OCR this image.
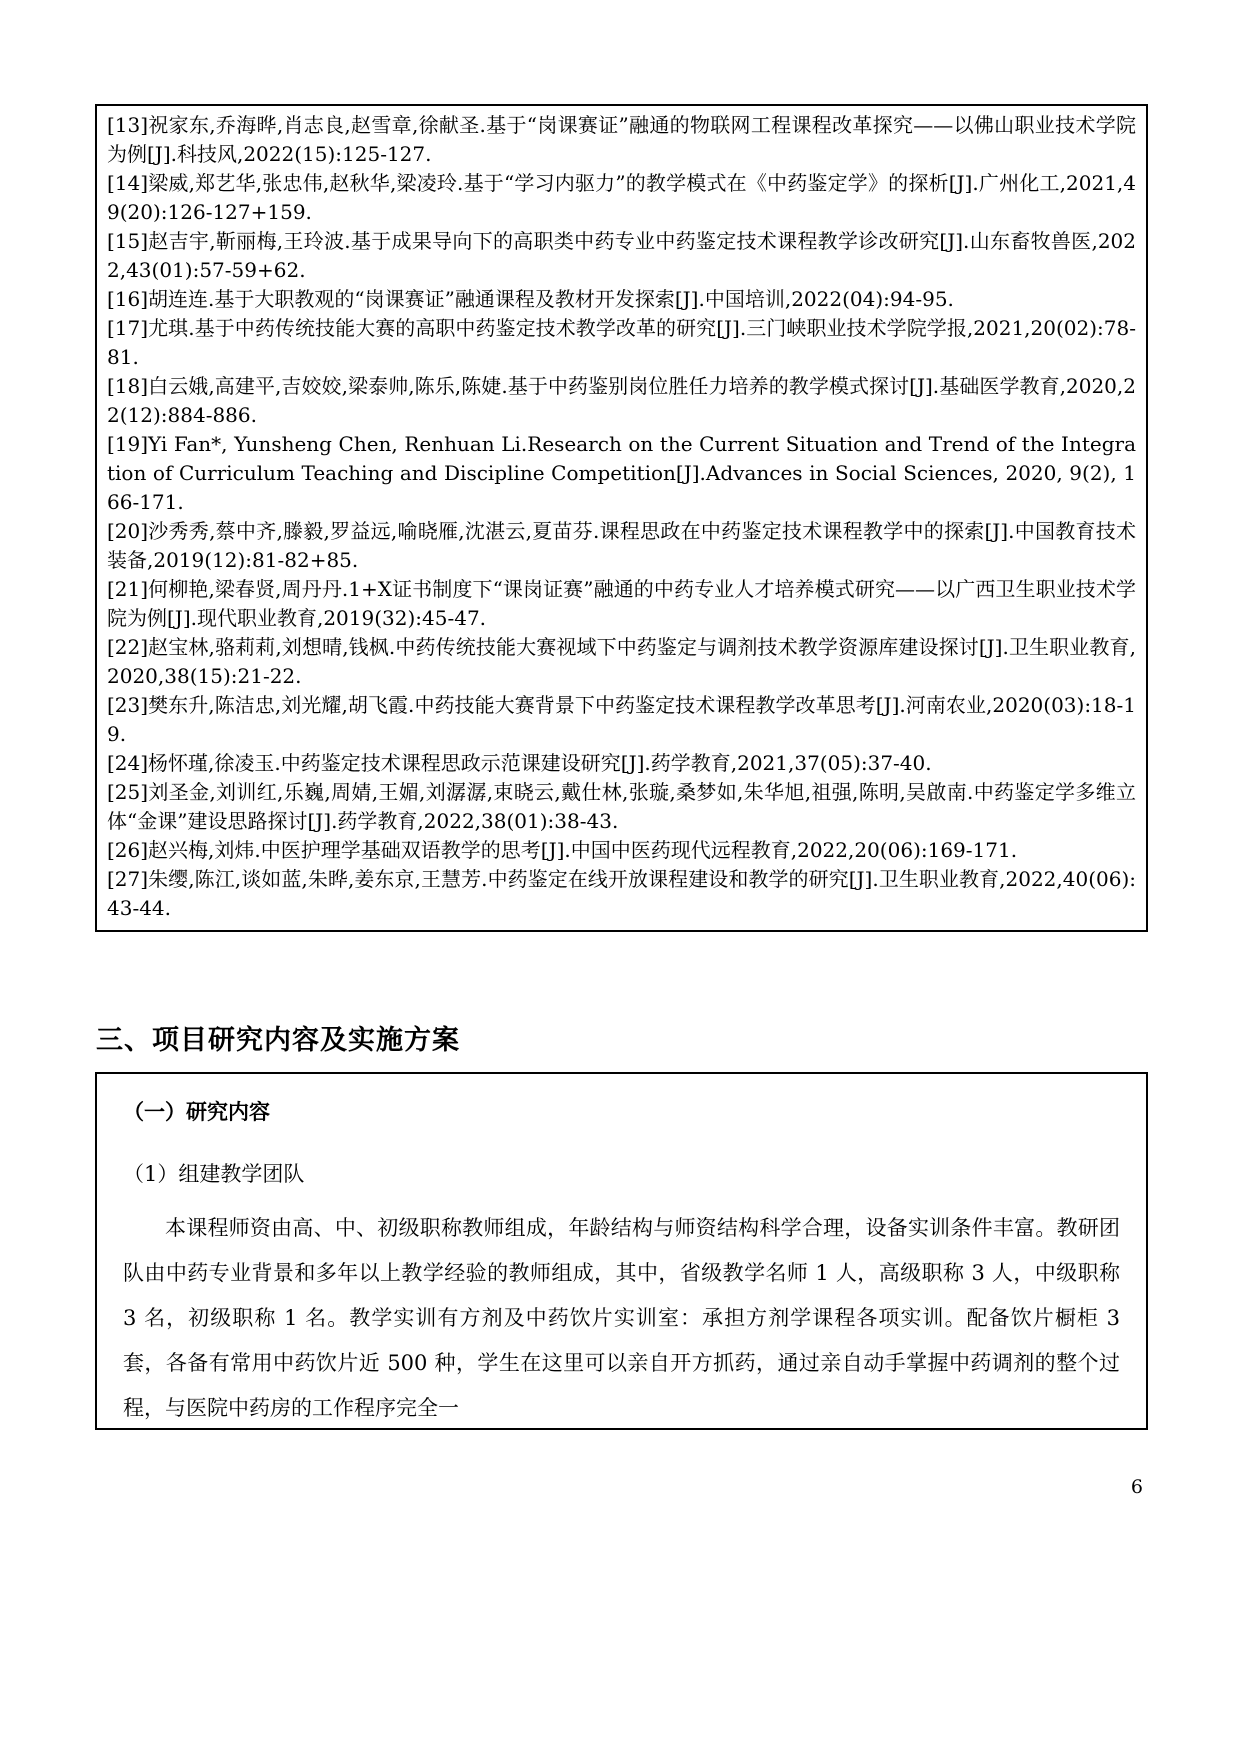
[13]祝家东,乔海晔,肖志良,赵雪章,徐献圣.基于“岗课赛证”融通的物联网工程课程改革探究——以佛山职业技术学院为例[J].科技风,2022(15):125-127.

[14]梁威,郑艺华,张忠伟,赵秋华,梁凌玲.基于“学习内驱力”的教学模式在《中药鉴定学》的探析[J].广州化工,2021,49(20):126-127+159.

[15]赵吉宇,靳丽梅,王玲波.基于成果导向下的高职类中药专业中药鉴定技术课程教学诊改研究[J].山东畜牧兽医,2022,43(01):57-59+62.

[16]胡连连.基于大职教观的“岗课赛证”融通课程及教材开发探索[J].中国培训,2022(04):94-95.

[17]尤琪.基于中药传统技能大赛的高职中药鉴定技术教学改革的研究[J].三门峡职业技术学院学报,2021,20(02):78-81.

[18]白云娥,高建平,吉姣姣,梁泰帅,陈乐,陈婕.基于中药鉴别岗位胜任力培养的教学模式探讨[J].基础医学教育,2020,22(12):884-886.

[19]Yi Fan*, Yunsheng Chen, Renhuan Li.Research on the Current Situation and Trend of the Integration of Curriculum Teaching and Discipline Competition[J].Advances in Social Sciences, 2020, 9(2), 166-171.

[20]沙秀秀,蔡中齐,滕毅,罗益远,喻晓雁,沈湛云,夏苗芬.课程思政在中药鉴定技术课程教学中的探索[J].中国教育技术装备,2019(12):81-82+85.

[21]何柳艳,梁春贤,周丹丹.1+X证书制度下“课岗证赛”融通的中药专业人才培养模式研究——以广西卫生职业技术学院为例[J].现代职业教育,2019(32):45-47.

[22]赵宝林,骆莉莉,刘想晴,钱枫.中药传统技能大赛视域下中药鉴定与调剂技术教学资源库建设探讨[J].卫生职业教育,2020,38(15):21-22.

[23]樊东升,陈洁忠,刘光耀,胡飞霞.中药技能大赛背景下中药鉴定技术课程教学改革思考[J].河南农业,2020(03):18-19.

[24]杨怀瑾,徐凌玉.中药鉴定技术课程思政示范课建设研究[J].药学教育,2021,37(05):37-40.

[25]刘圣金,刘训红,乐巍,周婧,王媚,刘潺潺,束晓云,戴仕林,张璇,桑梦如,朱华旭,祖强,陈明,吴啟南.中药鉴定学多维立体“金课”建设思路探讨[J].药学教育,2022,38(01):38-43.

[26]赵兴梅,刘炜.中医护理学基础双语教学的思考[J].中国中医药现代远程教育,2022,20(06):169-171.

[27]朱缨,陈江,谈如蓝,朱晔,姜东京,王慧芳.中药鉴定在线开放课程建设和教学的研究[J].卫生职业教育,2022,40(06):43-44.

三、项目研究内容及实施方案

（一）研究内容

（1）组建教学团队

本课程师资由高、中、初级职称教师组成，年龄结构与师资结构科学合理，设备实训条件丰富。教研团队由中药专业背景和多年以上教学经验的教师组成，其中，省级教学名师 1 人，高级职称 3 人，中级职称 3 名，初级职称 1 名。教学实训有方剂及中药饮片实训室：承担方剂学课程各项实训。配备饮片橱柜 3 套，各备有常用中药饮片近 500 种，学生在这里可以亲自开方抓药，通过亲自动手掌握中药调剂的整个过程，与医院中药房的工作程序完全一

6
